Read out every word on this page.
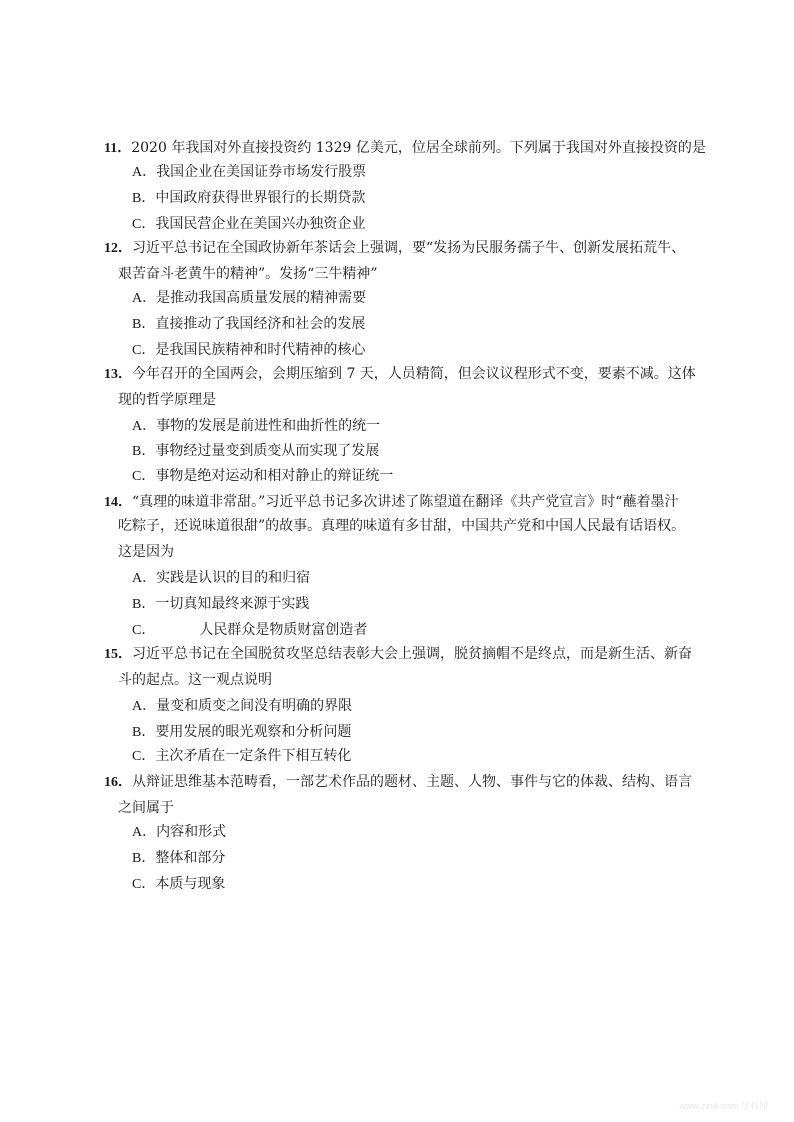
11．2020 年我国对外直接投资约 1329 亿美元，位居全球前列。下列属于我国对外直接投资的是
A．我国企业在美国证券市场发行股票
B．中国政府获得世界银行的长期贷款
C．我国民营企业在美国兴办独资企业
12．习近平总书记在全国政协新年茶话会上强调，要“发扬为民服务孺子牛、创新发展拓荒牛、
艰苦奋斗老黄牛的精神”。发扬“三牛精神”
A．是推动我国高质量发展的精神需要
B．直接推动了我国经济和社会的发展
C．是我国民族精神和时代精神的核心
13．今年召开的全国两会，会期压缩到 7 天，人员精简，但会议议程形式不变，要素不减。这体
现的哲学原理是
A．事物的发展是前进性和曲折性的统一
B．事物经过量变到质变从而实现了发展
C．事物是绝对运动和相对静止的辩证统一
14．“真理的味道非常甜。”习近平总书记多次讲述了陈望道在翻译《共产党宣言》时“蘸着墨汁
吃粽子，还说味道很甜”的故事。真理的味道有多甘甜，中国共产党和中国人民最有话语权。
这是因为
A．实践是认识的目的和归宿
B．一切真知最终来源于实践
C．	人民群众是物质财富创造者
15．习近平总书记在全国脱贫攻坚总结表彰大会上强调，脱贫摘帽不是终点，而是新生活、新奋
斗的起点。这一观点说明
A．量变和质变之间没有明确的界限
B．要用发展的眼光观察和分析问题
C．主次矛盾在一定条件下相互转化
16．从辩证思维基本范畴看，一部艺术作品的题材、主题、人物、事件与它的体裁、结构、语言
之间属于
A．内容和形式
B．整体和部分
C．本质与现象
www.zxxk.com 学科网
